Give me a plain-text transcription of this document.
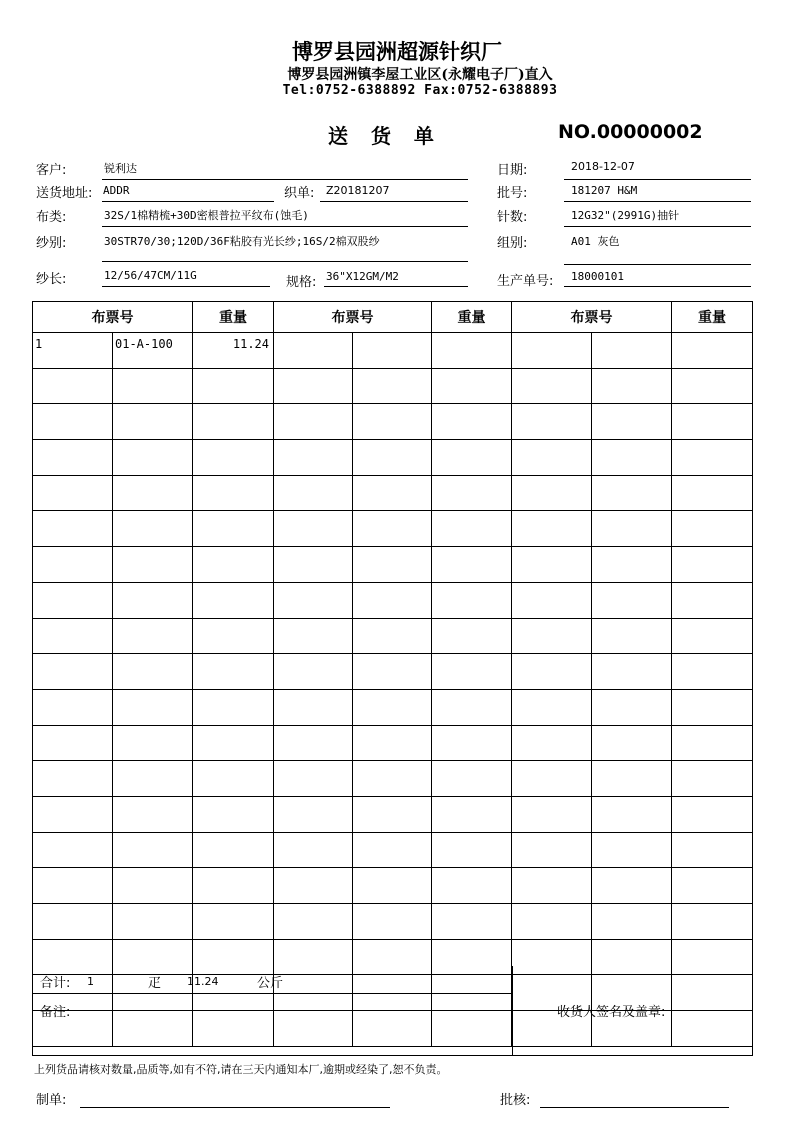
博罗县园洲超源针织厂
博罗县园洲镇李屋工业区(永耀电子厂)直入
Tel:0752-6388892 Fax:0752-6388893
送 货 单	NO.00000002
客户:	锐利达
送货地址: ADDR	织单: Z20181207
布类:	32S/1棉精梳+30D密根普拉平纹布(蚀毛)
纱别:	30STR70/30;120D/36F粘胶有光长纱;16S/2棉双股纱
纱长:	12/56/47CM/11G	规格: 36"X12GM/M2
日期:	2018-12-07
批号:	181207 H&M
针数:	12G32"(2991G)抽针
组别:	A01 灰色
生产单号: 18000101
布票号		重量	布票号		重量	布票号		重量
1	01-A-100	11.24						

合计: 1	疋 11.24	公斤
备注:	收货人签名及盖章:
上列货品请核对数量,品质等,如有不符,请在三天内通知本厂,逾期或经染了,恕不负责。
制单:	批核:
